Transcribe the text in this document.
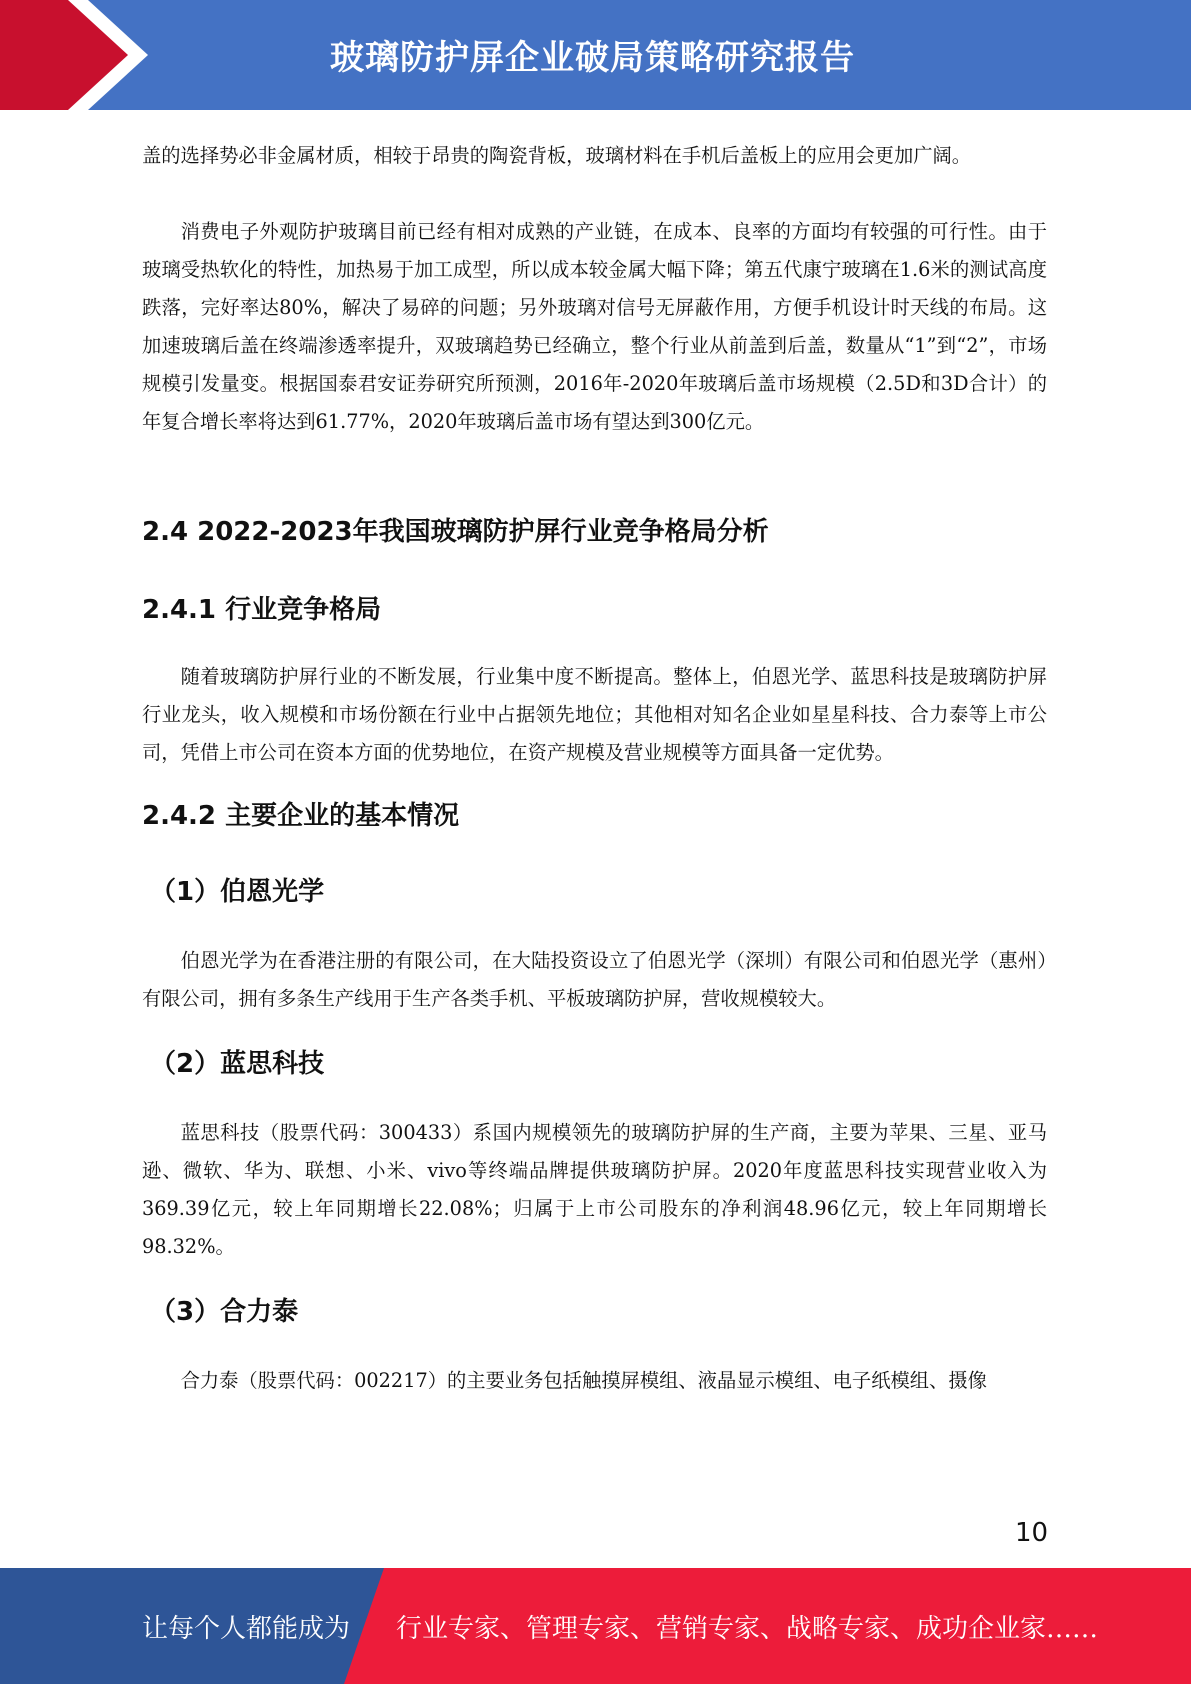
玻璃防护屏企业破局策略研究报告

盖的选择势必非金属材质，相较于昂贵的陶瓷背板，玻璃材料在手机后盖板上的应用会更加广阔。

消费电子外观防护玻璃目前已经有相对成熟的产业链，在成本、良率的方面均有较强的可行性。由于玻璃受热软化的特性，加热易于加工成型，所以成本较金属大幅下降；第五代康宁玻璃在1.6米的测试高度跌落，完好率达80%，解决了易碎的问题；另外玻璃对信号无屏蔽作用，方便手机设计时天线的布局。这加速玻璃后盖在终端渗透率提升，双玻璃趋势已经确立，整个行业从前盖到后盖，数量从“1”到“2”，市场规模引发量变。根据国泰君安证券研究所预测，2016年-2020年玻璃后盖市场规模（2.5D和3D合计）的年复合增长率将达到61.77%，2020年玻璃后盖市场有望达到300亿元。

2.4 2022-2023年我国玻璃防护屏行业竞争格局分析
2.4.1 行业竞争格局

随着玻璃防护屏行业的不断发展，行业集中度不断提高。整体上，伯恩光学、蓝思科技是玻璃防护屏行业龙头，收入规模和市场份额在行业中占据领先地位；其他相对知名企业如星星科技、合力泰等上市公司，凭借上市公司在资本方面的优势地位，在资产规模及营业规模等方面具备一定优势。

2.4.2 主要企业的基本情况
（1）伯恩光学

伯恩光学为在香港注册的有限公司，在大陆投资设立了伯恩光学（深圳）有限公司和伯恩光学（惠州）有限公司，拥有多条生产线用于生产各类手机、平板玻璃防护屏，营收规模较大。

（2）蓝思科技

蓝思科技（股票代码：300433）系国内规模领先的玻璃防护屏的生产商，主要为苹果、三星、亚马逊、微软、华为、联想、小米、vivo等终端品牌提供玻璃防护屏。2020年度蓝思科技实现营业收入为369.39亿元，较上年同期增长22.08%；归属于上市公司股东的净利润48.96亿元，较上年同期增长98.32%。

（3）合力泰

合力泰（股票代码：002217）的主要业务包括触摸屏模组、液晶显示模组、电子纸模组、摄像

10
让每个人都能成为 行业专家、管理专家、营销专家、战略专家、成功企业家……
